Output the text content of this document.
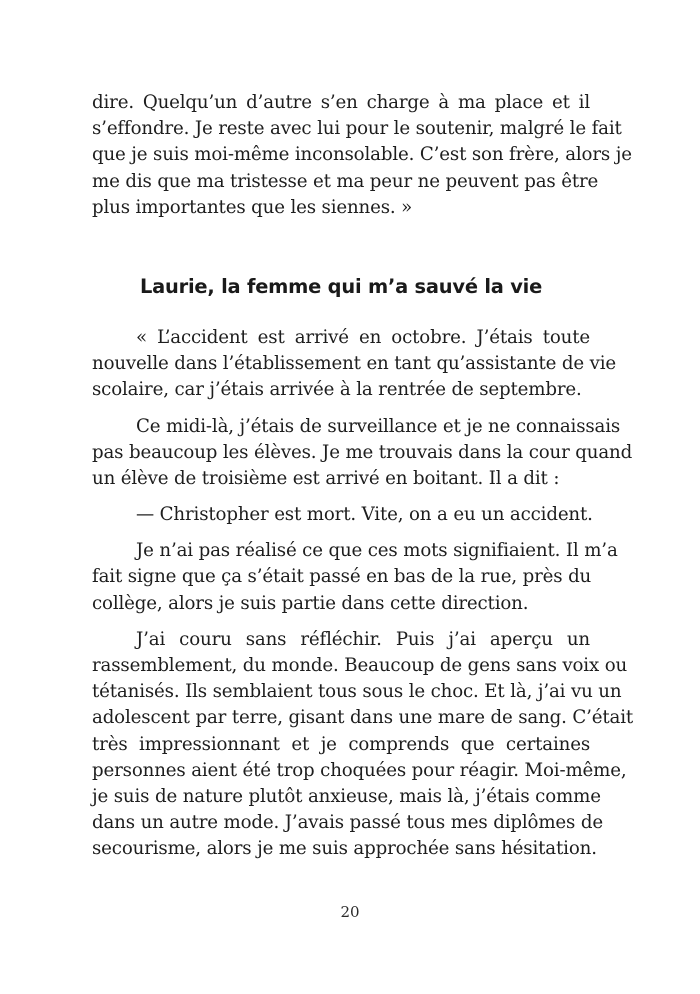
dire. Quelqu’un d’autre s’en charge à ma place et il
s’effondre. Je reste avec lui pour le soutenir, malgré le fait
que je suis moi-même inconsolable. C’est son frère, alors je
me dis que ma tristesse et ma peur ne peuvent pas être
plus importantes que les siennes. »
Laurie, la femme qui m’a sauvé la vie
« L’accident est arrivé en octobre. J’étais toute
nouvelle dans l’établissement en tant qu’assistante de vie
scolaire, car j’étais arrivée à la rentrée de septembre.
Ce midi-là, j’étais de surveillance et je ne connaissais
pas beaucoup les élèves. Je me trouvais dans la cour quand
un élève de troisième est arrivé en boitant. Il a dit :
— Christopher est mort. Vite, on a eu un accident.
Je n’ai pas réalisé ce que ces mots signifiaient. Il m’a
fait signe que ça s’était passé en bas de la rue, près du
collège, alors je suis partie dans cette direction.
J’ai couru sans réfléchir. Puis j’ai aperçu un
rassemblement, du monde. Beaucoup de gens sans voix ou
tétanisés. Ils semblaient tous sous le choc. Et là, j’ai vu un
adolescent par terre, gisant dans une mare de sang. C’était
très impressionnant et je comprends que certaines
personnes aient été trop choquées pour réagir. Moi-même,
je suis de nature plutôt anxieuse, mais là, j’étais comme
dans un autre mode. J’avais passé tous mes diplômes de
secourisme, alors je me suis approchée sans hésitation.
20
